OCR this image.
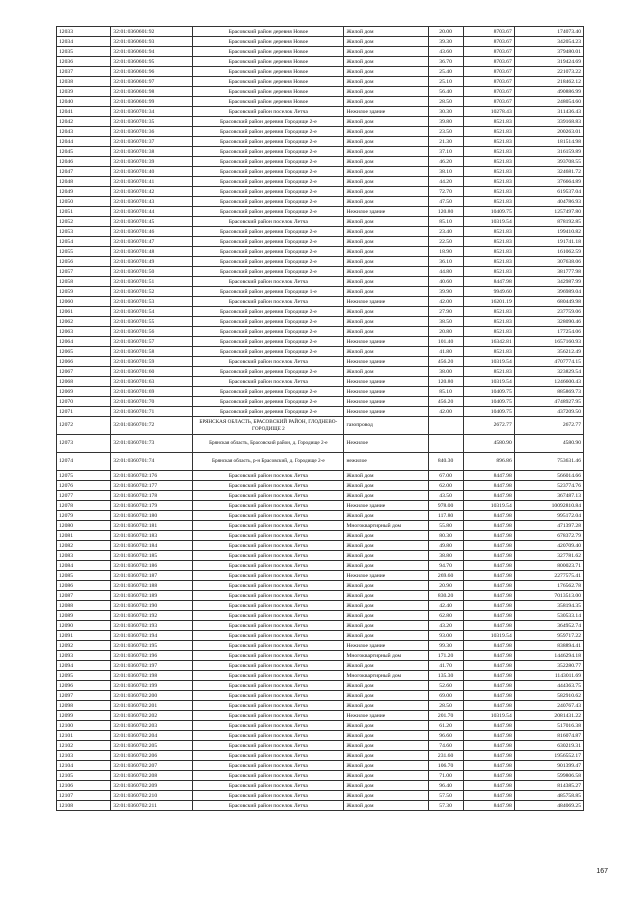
12033	32:01:0360601:92	Брасовский район деревня Новое	Жилой дом	20.00	8703.67	174073.40
12034	32:01:0360601:93	Брасовский район деревня Новое	Жилой дом	39.30	8703.67	342054.23
12035	32:01:0360601:94	Брасовский район деревня Новое	Жилой дом	43.60	8703.67	379480.01
12036	32:01:0360601:95	Брасовский район деревня Новое	Жилой дом	36.70	8703.67	319424.69
12037	32:01:0360601:96	Брасовский район деревня Новое	Жилой дом	25.40	8703.67	221073.22
12038	32:01:0360601:97	Брасовский район деревня Новое	Жилой дом	25.10	8703.67	218462.12
12039	32:01:0360601:98	Брасовский район деревня Новое	Жилой дом	56.40	8703.67	490886.99
12040	32:01:0360601:99	Брасовский район деревня Новое	Жилой дом	28.50	8703.67	248054.60
12041	32:01:0360701:34	Брасовский район поселок Летча	Нежилое здание	30.30	10278.43	311436.43
12042	32:01:0360701:35	Брасовский район деревня Городище 2-е	Жилой дом	39.80	8521.83	339168.83
12043	32:01:0360701:36	Брасовский район деревня Городище 2-е	Жилой дом	23.50	8521.83	200263.01
12044	32:01:0360701:37	Брасовский район деревня Городище 2-е	Жилой дом	21.30	8521.83	181514.98
12045	32:01:0360701:38	Брасовский район деревня Городище 2-е	Жилой дом	37.10	8521.83	316159.89
12046	32:01:0360701:39	Брасовский район деревня Городище 2-е	Жилой дом	46.20	8521.83	393708.55
12047	32:01:0360701:40	Брасовский район деревня Городище 2-е	Жилой дом	38.10	8521.83	324681.72
12048	32:01:0360701:41	Брасовский район деревня Городище 2-е	Жилой дом	44.20	8521.83	376664.89
12049	32:01:0360701:42	Брасовский район деревня Городище 2-е	Жилой дом	72.70	8521.83	619537.04
12050	32:01:0360701:43	Брасовский район деревня Городище 2-е	Жилой дом	47.50	8521.83	404786.93
12051	32:01:0360701:44	Брасовский район деревня Городище 2-е	Нежилое здание	120.80	10409.75	1257497.80
12052	32:01:0360701:45	Брасовский район поселок Летча	Жилой дом	85.10	10319.54	878192.85
12053	32:01:0360701:46	Брасовский район деревня Городище 2-е	Жилой дом	23.40	8521.83	199410.82
12054	32:01:0360701:47	Брасовский район деревня Городище 2-е	Жилой дом	22.50	8521.83	191741.18
12055	32:01:0360701:48	Брасовский район деревня Городище 2-е	Жилой дом	18.90	8521.83	161062.59
12056	32:01:0360701:49	Брасовский район деревня Городище 2-е	Жилой дом	36.10	8521.83	307638.06
12057	32:01:0360701:50	Брасовский район деревня Городище 2-е	Жилой дом	44.80	8521.83	381777.98
12058	32:01:0360701:51	Брасовский район поселок Летча	Жилой дом	40.60	8447.98	342987.99
12059	32:01:0360701:52	Брасовский район деревня Городище 1-е	Жилой дом	39.90	9949.60	396989.04
12060	32:01:0360701:53	Брасовский район поселок Летча	Нежилое здание	42.00	16201.19	680449.98
12061	32:01:0360701:54	Брасовский район деревня Городище 2-е	Жилой дом	27.90	8521.83	237759.06
12062	32:01:0360701:55	Брасовский район деревня Городище 2-е	Жилой дом	38.50	8521.83	328090.46
12063	32:01:0360701:56	Брасовский район деревня Городище 2-е	Жилой дом	20.80	8521.83	177254.06
12064	32:01:0360701:57	Брасовский район деревня Городище 2-е	Нежилое здание	101.40	16342.81	1657160.93
12065	32:01:0360701:58	Брасовский район деревня Городище 2-е	Жилой дом	41.80	8521.83	356212.49
12066	32:01:0360701:59	Брасовский район поселок Летча	Нежилое здание	456.20	10319.54	4707774.15
12067	32:01:0360701:60	Брасовский район деревня Городище 2-е	Жилой дом	38.00	8521.83	323829.54
12068	32:01:0360701:63	Брасовский район поселок Летча	Нежилое здание	120.80	10319.54	1246600.43
12069	32:01:0360701:69	Брасовский район деревня Городище 2-е	Нежилое здание	85.10	10409.75	885869.73
12070	32:01:0360701:70	Брасовский район деревня Городище 2-е	Нежилое здание	456.20	10409.75	4748927.95
12071	32:01:0360701:71	Брасовский район деревня Городище 2-е	Нежилое здание	42.00	10409.75	437209.50
12072	32:01:0360701:72	БРЯНСКАЯ ОБЛАСТЬ, БРАСОВСКИЙ РАЙОН, ГЛОДНЕВО-ГОРОДИЩЕ 2	газопровод		2672.77	2672.77
12073	32:01:0360701:73	Брянская область, Брасовский район, д. Городище 2-е	Нежилое		4580.90	4580.90
12074	32:01:0360701:74	Брянская область, р-н Брасовский, д. Городище 2-е	нежилое	840.30	896.86	753631.46
12075	32:01:0360702:176	Брасовский район поселок Летча	Жилой дом	67.00	8447.98	566014.66
12076	32:01:0360702:177	Брасовский район поселок Летча	Жилой дом	62.00	8447.98	523774.76
12077	32:01:0360702:178	Брасовский район поселок Летча	Жилой дом	43.50	8447.98	367487.13
12078	32:01:0360702:179	Брасовский район поселок Летча	Нежилое здание	978.00	10319.54	10092810.84
12079	32:01:0360702:180	Брасовский район поселок Летча	Жилой дом	117.80	8447.98	995172.04
12080	32:01:0360702:181	Брасовский район поселок Летча	Многоквартирный дом	55.80	8447.98	471397.28
12081	32:01:0360702:183	Брасовский район поселок Летча	Жилой дом	80.30	8447.98	678372.79
12082	32:01:0360702:184	Брасовский район поселок Летча	Жилой дом	49.80	8447.98	420709.40
12083	32:01:0360702:185	Брасовский район поселок Летча	Жилой дом	38.80	8447.98	327781.62
12084	32:01:0360702:186	Брасовский район поселок Летча	Жилой дом	94.70	8447.98	800023.71
12085	32:01:0360702:187	Брасовский район поселок Летча	Нежилое здание	269.60	8447.98	2277575.41
12086	32:01:0360702:188	Брасовский район поселок Летча	Жилой дом	20.90	8447.98	176562.78
12087	32:01:0360702:189	Брасовский район поселок Летча	Жилой дом	830.20	8447.98	7013513.00
12088	32:01:0360702:190	Брасовский район поселок Летча	Жилой дом	42.40	8447.98	358194.35
12089	32:01:0360702:192	Брасовский район поселок Летча	Жилой дом	62.80	8447.98	530533.14
12090	32:01:0360702:193	Брасовский район поселок Летча	Жилой дом	43.20	8447.98	364952.74
12091	32:01:0360702:194	Брасовский район поселок Летча	Жилой дом	93.00	10319.54	959717.22
12092	32:01:0360702:195	Брасовский район поселок Летча	Нежилое здание	99.30	8447.98	838894.41
12093	32:01:0360702:196	Брасовский район поселок Летча	Многоквартирный дом	171.20	8447.98	1446294.18
12094	32:01:0360702:197	Брасовский район поселок Летча	Жилой дом	41.70	8447.98	352280.77
12095	32:01:0360702:198	Брасовский район поселок Летча	Многоквартирный дом	135.30	8447.98	1143011.69
12096	32:01:0360702:199	Брасовский район поселок Летча	Жилой дом	52.60	8447.98	444363.75
12097	32:01:0360702:200	Брасовский район поселок Летча	Жилой дом	69.00	8447.98	582910.62
12098	32:01:0360702:201	Брасовский район поселок Летча	Жилой дом	28.50	8447.98	240767.43
12099	32:01:0360702:202	Брасовский район поселок Летча	Нежилое здание	201.70	10319.54	2081431.22
12100	32:01:0360702:203	Брасовский район поселок Летча	Жилой дом	61.20	8447.98	517016.38
12101	32:01:0360702:204	Брасовский район поселок Летча	Жилой дом	96.60	8447.98	816074.87
12102	32:01:0360702:205	Брасовский район поселок Летча	Жилой дом	74.60	8447.98	630219.31
12103	32:01:0360702:206	Брасовский район поселок Летча	Жилой дом	231.60	8447.98	1956552.17
12104	32:01:0360702:207	Брасовский район поселок Летча	Жилой дом	106.70	8447.98	901399.47
12105	32:01:0360702:208	Брасовский район поселок Летча	Жилой дом	71.00	8447.98	599806.58
12106	32:01:0360702:209	Брасовский район поселок Летча	Жилой дом	96.40	8447.98	814385.27
12107	32:01:0360702:210	Брасовский район поселок Летча	Жилой дом	57.50	8447.98	485758.85
12108	32:01:0360702:211	Брасовский район поселок Летча	Жилой дом	57.30	8447.98	484069.25
167
